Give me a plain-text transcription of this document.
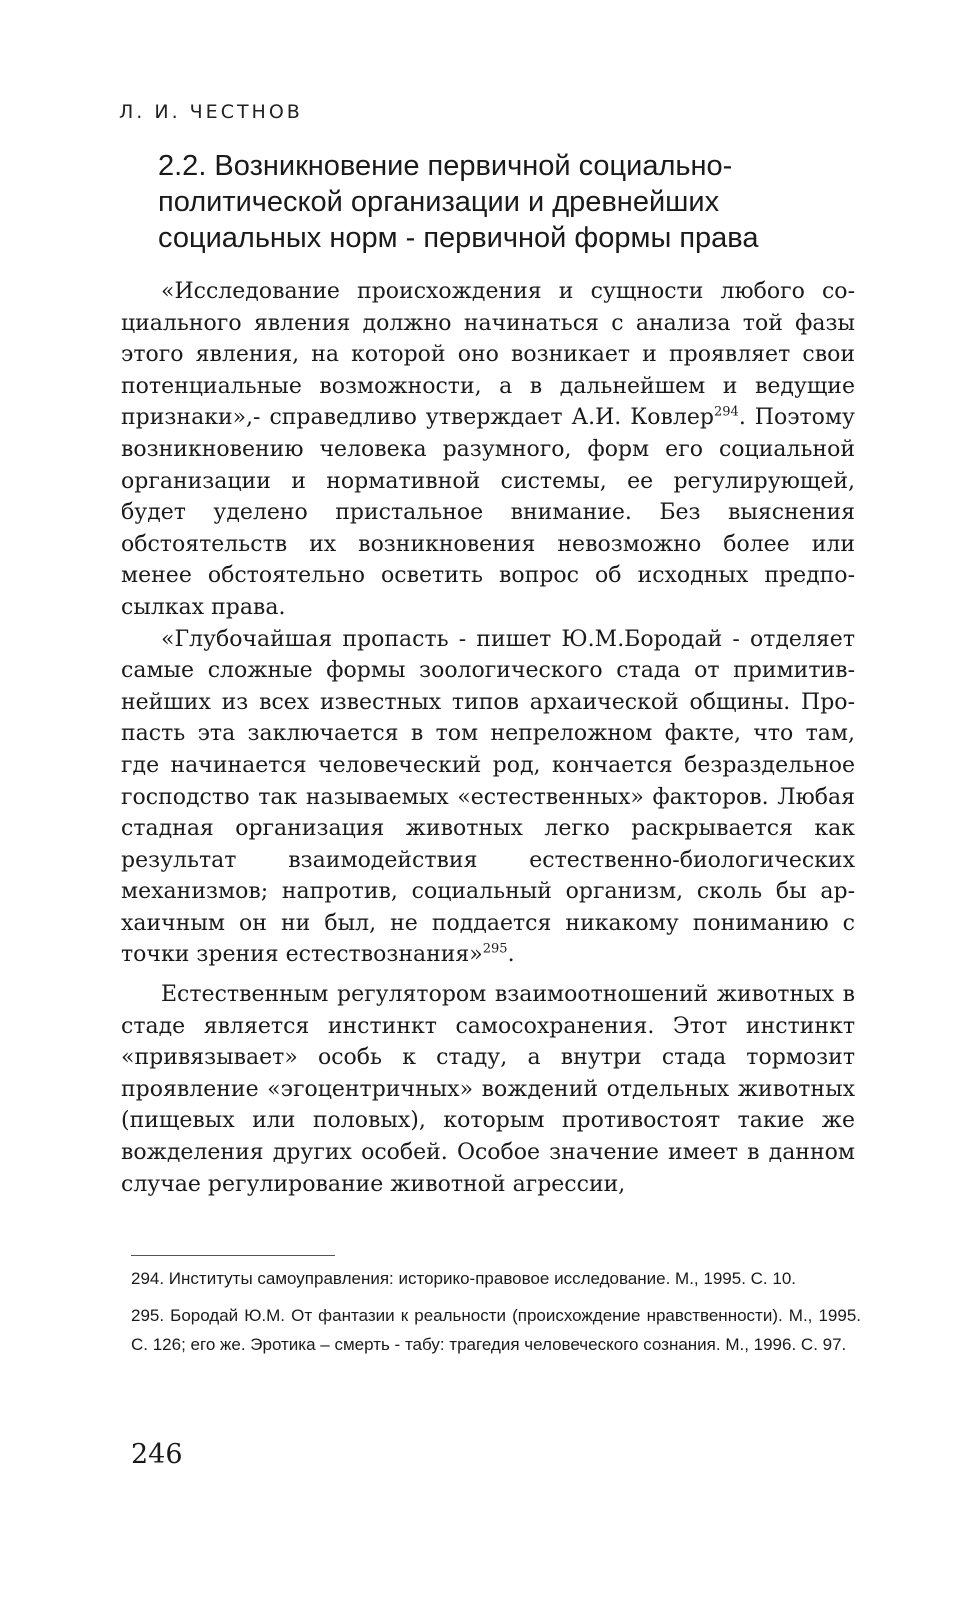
Л. И. ЧЕСТНОВ
2.2. Возникновение первичной социально-
политической организации и древнейших
социальных норм - первичной формы права

«Исследование происхождения и сущности любого социального явления должно начинаться с анализа той фазы этого явления, на которой оно возникает и проявляет свои потенциальные возможности, а в дальнейшем и ведущие признаки»,- справедливо утверждает А.И. Ковлер$^{294}$. Поэтому возникновению человека разумного, форм его социальной организации и нормативной системы, ее регулирующей, будет уделено пристальное внимание. Без выяснения обстоятельств их возникновения невозможно более или менее обстоятельно осветить вопрос об исходных предпосылках права.

«Глубочайшая пропасть - пишет Ю.М.Бородай - отделяет самые сложные формы зоологического стада от примитивнейших из всех известных типов архаической общины. Пропасть эта заключается в том непреложном факте, что там, где начинается человеческий род, кончается безраздельное господство так называемых «естественных» факторов. Любая стадная организация животных легко раскрывается как результат взаимодействия естественно-биологических механизмов; напротив, социальный организм, сколь бы архаичным он ни был, не поддается никакому пониманию с точки зрения естествознания»$^{295}$.

Естественным регулятором взаимоотношений животных в стаде является инстинкт самосохранения. Этот инстинкт «привязывает» особь к стаду, а внутри стада тормозит проявление «эгоцентричных» вождений отдельных животных (пищевых или половых), которым противостоят такие же вожделения других особей. Особое значение имеет в данном случае регулирование животной агрессии,

294. Институты самоуправления: историко-правовое исследование. М., 1995. С. 10.

295. Бородай Ю.М. От фантазии к реальности (происхождение нравственности). М., 1995. С. 126; его же. Эротика – смерть - табу: трагедия человеческого сознания. М., 1996. С. 97.

246
